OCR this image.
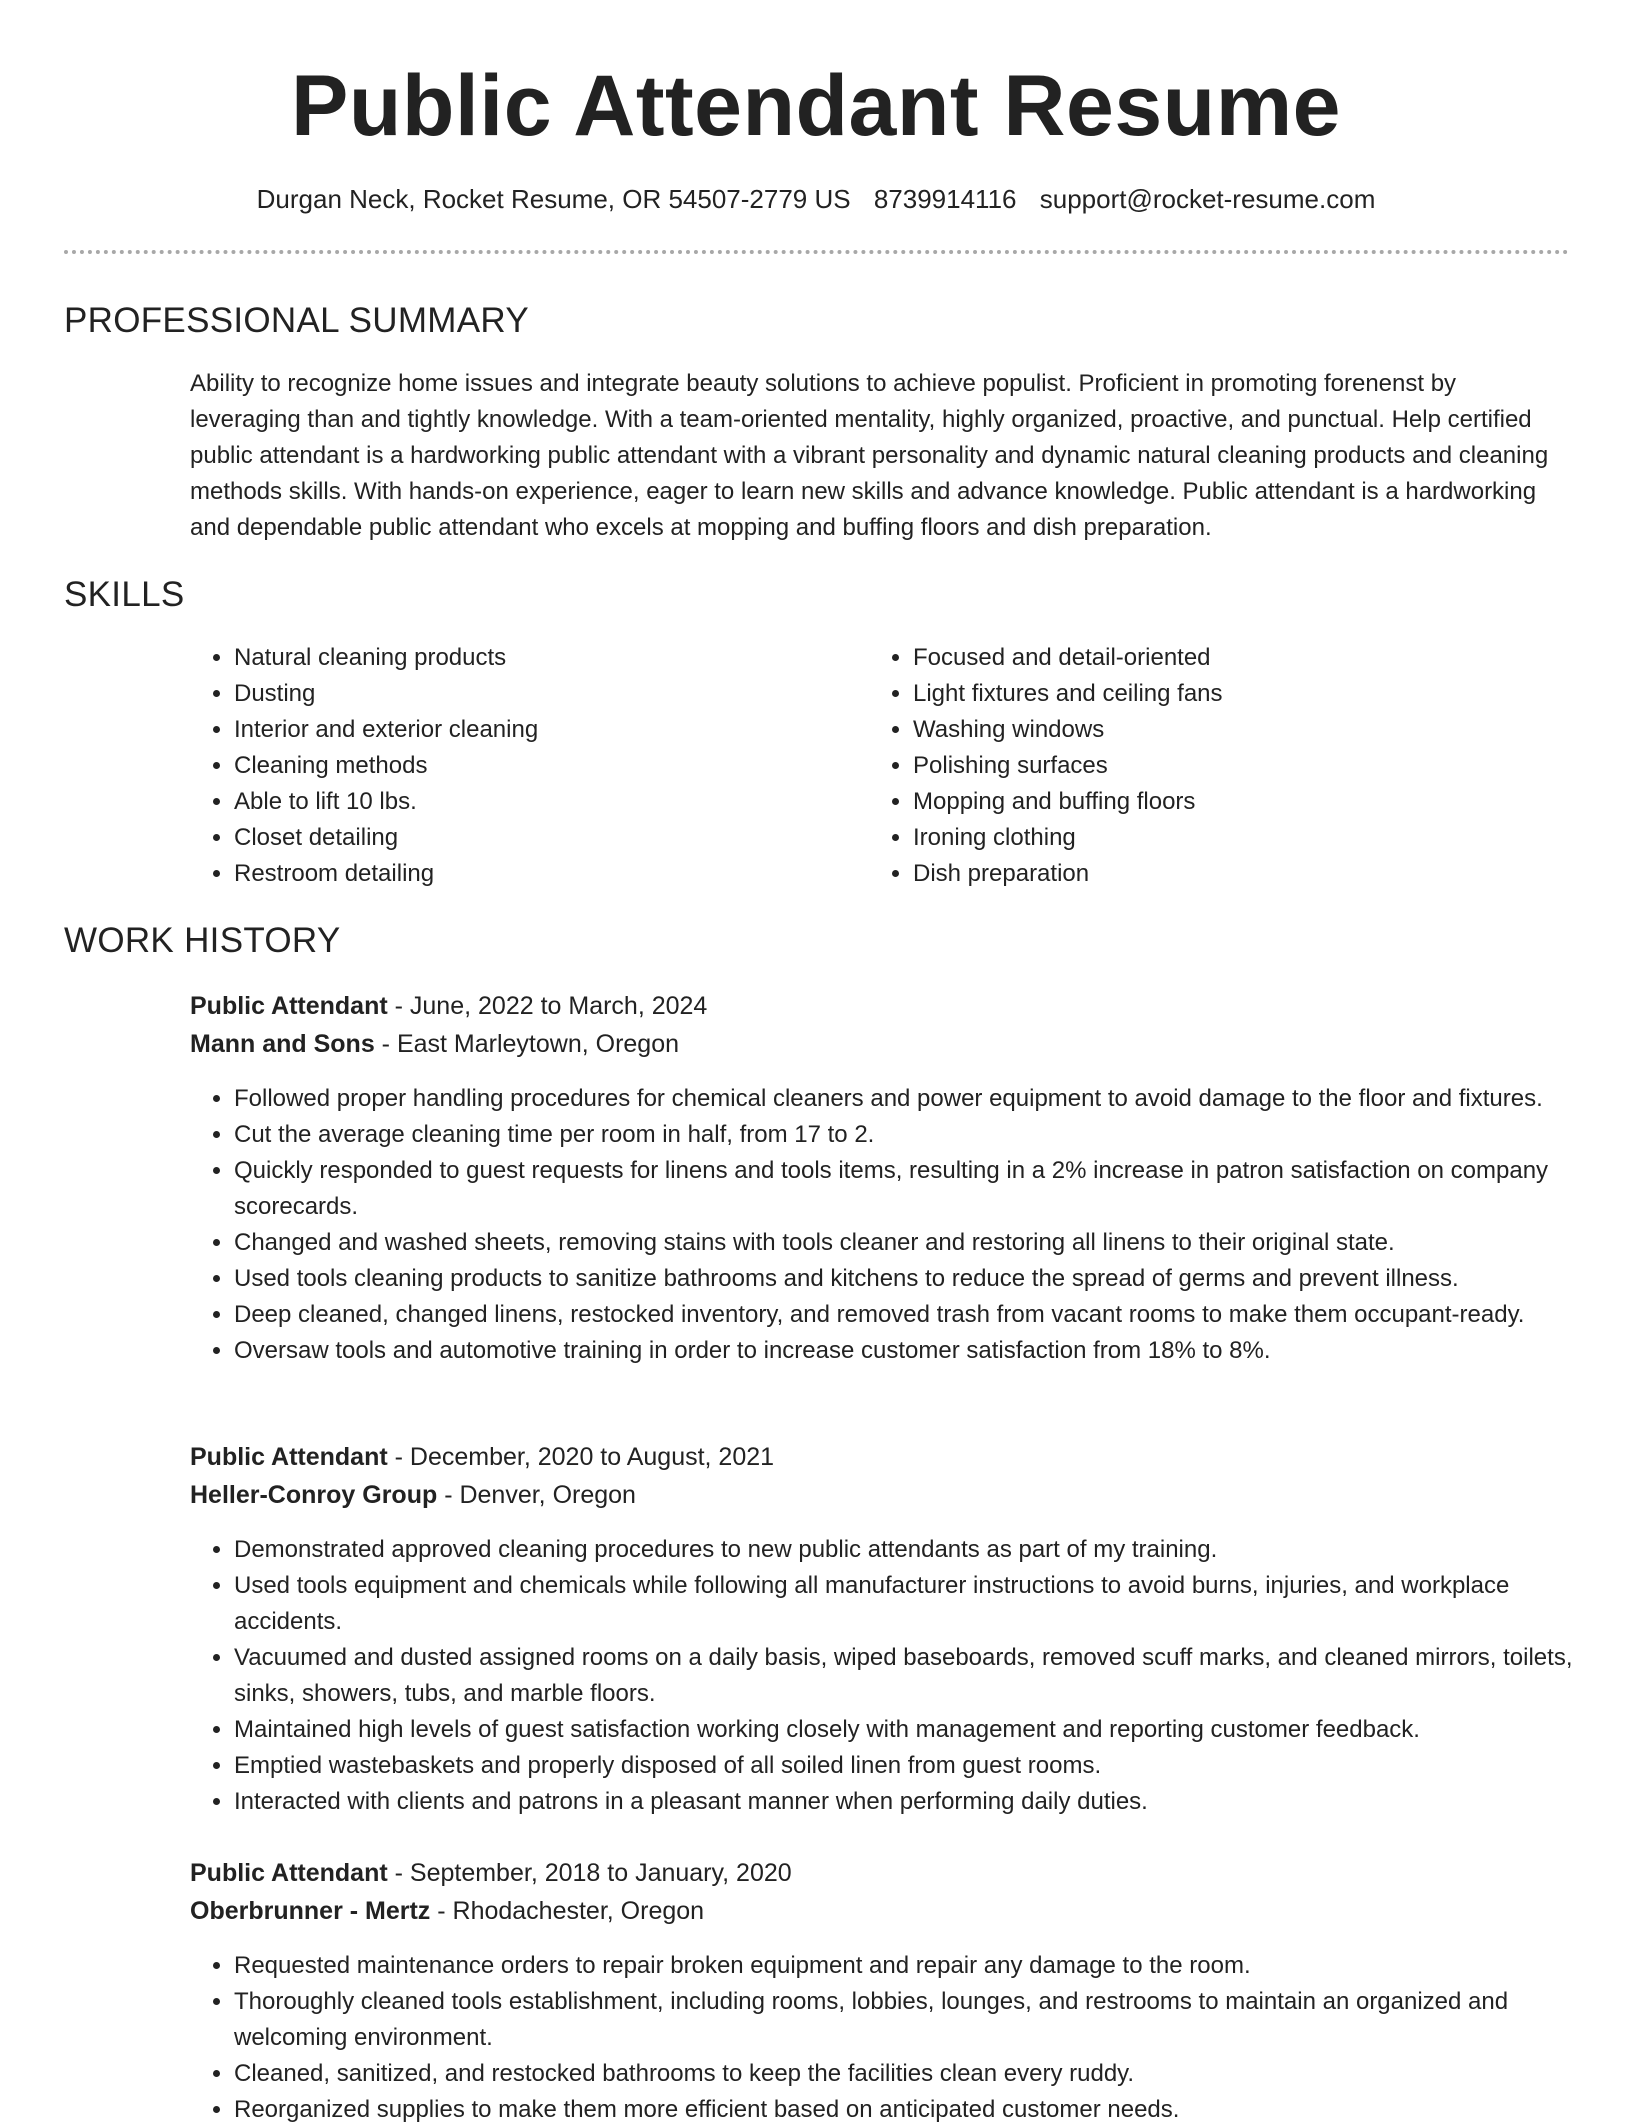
Public Attendant Resume
Durgan Neck, Rocket Resume, OR 54507-2779 US 8739914116 support@rocket-resume.com
PROFESSIONAL SUMMARY

Ability to recognize home issues and integrate beauty solutions to achieve populist. Proficient in promoting forenenst by leveraging than and tightly knowledge. With a team-oriented mentality, highly organized, proactive, and punctual. Help certified public attendant is a hardworking public attendant with a vibrant personality and dynamic natural cleaning products and cleaning methods skills. With hands-on experience, eager to learn new skills and advance knowledge. Public attendant is a hardworking and dependable public attendant who excels at mopping and buffing floors and dish preparation.

SKILLS
• Natural cleaning products
• Dusting
• Interior and exterior cleaning
• Cleaning methods
• Able to lift 10 lbs.
• Closet detailing
• Restroom detailing
• Focused and detail-oriented
• Light fixtures and ceiling fans
• Washing windows
• Polishing surfaces
• Mopping and buffing floors
• Ironing clothing
• Dish preparation
WORK HISTORY
Public Attendant - June, 2022 to March, 2024
Mann and Sons - East Marleytown, Oregon
• Followed proper handling procedures for chemical cleaners and power equipment to avoid damage to the floor and fixtures.
• Cut the average cleaning time per room in half, from 17 to 2.
• Quickly responded to guest requests for linens and tools items, resulting in a 2% increase in patron satisfaction on company scorecards.
• Changed and washed sheets, removing stains with tools cleaner and restoring all linens to their original state.
• Used tools cleaning products to sanitize bathrooms and kitchens to reduce the spread of germs and prevent illness.
• Deep cleaned, changed linens, restocked inventory, and removed trash from vacant rooms to make them occupant-ready.
• Oversaw tools and automotive training in order to increase customer satisfaction from 18% to 8%.
Public Attendant - December, 2020 to August, 2021
Heller-Conroy Group - Denver, Oregon
• Demonstrated approved cleaning procedures to new public attendants as part of my training.
• Used tools equipment and chemicals while following all manufacturer instructions to avoid burns, injuries, and workplace accidents.
• Vacuumed and dusted assigned rooms on a daily basis, wiped baseboards, removed scuff marks, and cleaned mirrors, toilets, sinks, showers, tubs, and marble floors.
• Maintained high levels of guest satisfaction working closely with management and reporting customer feedback.
• Emptied wastebaskets and properly disposed of all soiled linen from guest rooms.
• Interacted with clients and patrons in a pleasant manner when performing daily duties.
Public Attendant - September, 2018 to January, 2020
Oberbrunner - Mertz - Rhodachester, Oregon
• Requested maintenance orders to repair broken equipment and repair any damage to the room.
• Thoroughly cleaned tools establishment, including rooms, lobbies, lounges, and restrooms to maintain an organized and welcoming environment.
• Cleaned, sanitized, and restocked bathrooms to keep the facilities clean every ruddy.
• Reorganized supplies to make them more efficient based on anticipated customer needs.
